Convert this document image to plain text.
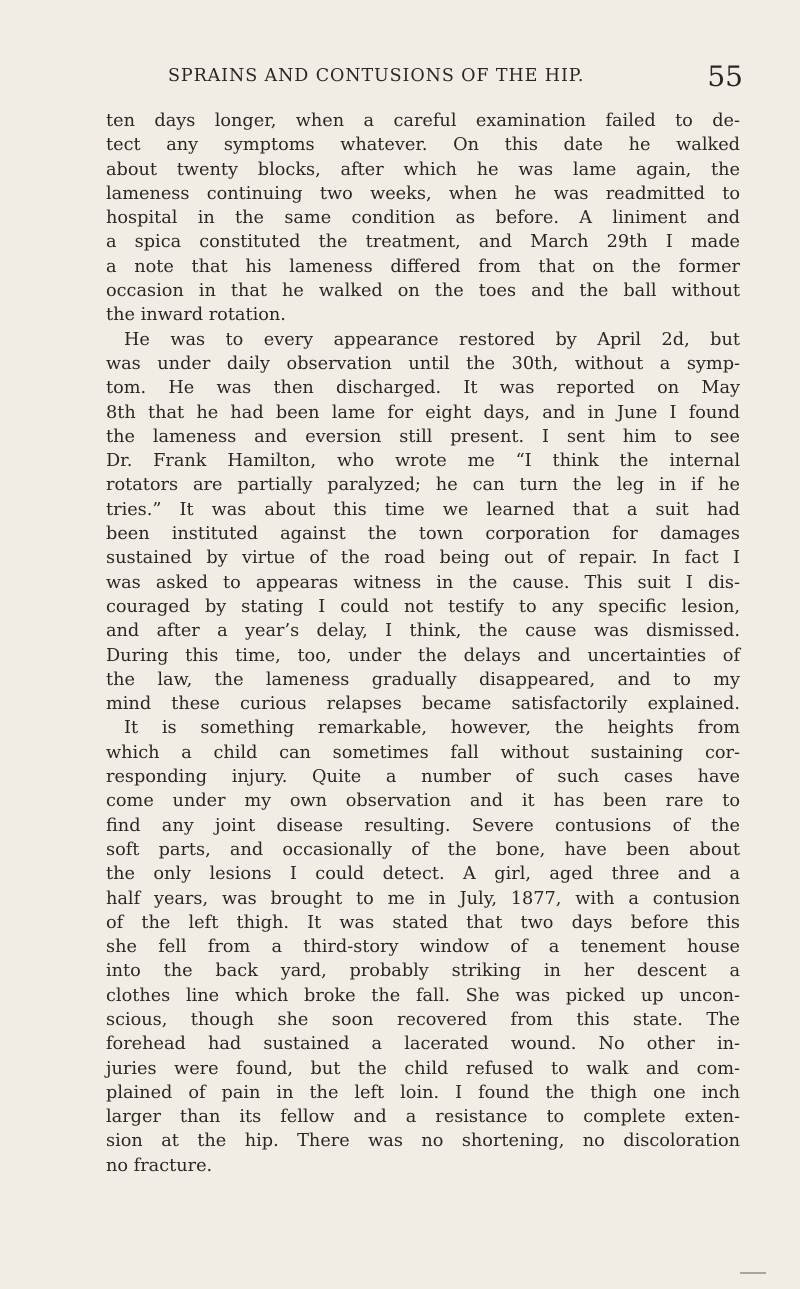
SPRAINS AND CONTUSIONS OF THE HIP.	55
ten days longer, when a careful examination failed to de-
tect any symptoms whatever. On this date he walked
about twenty blocks, after which he was lame again, the
lameness continuing two weeks, when he was readmitted to
hospital in the same condition as before. A liniment and
a spica constituted the treatment, and March 29th I made
a note that his lameness differed from that on the former
occasion in that he walked on the toes and the ball without
the inward rotation.
He was to every appearance restored by April 2d, but
was under daily observation until the 30th, without a symp-
tom. He was then discharged. It was reported on May
8th that he had been lame for eight days, and in June I found
the lameness and eversion still present. I sent him to see
Dr. Frank Hamilton, who wrote me “I think the internal
rotators are partially paralyzed; he can turn the leg in if he
tries.” It was about this time we learned that a suit had
been instituted against the town corporation for damages
sustained by virtue of the road being out of repair. In fact I
was asked to appearas witness in the cause. This suit I dis-
couraged by stating I could not testify to any specific lesion,
and after a year’s delay, I think, the cause was dismissed.
During this time, too, under the delays and uncertainties of
the law, the lameness gradually disappeared, and to my
mind these curious relapses became satisfactorily explained.
It is something remarkable, however, the heights from
which a child can sometimes fall without sustaining cor-
responding injury. Quite a number of such cases have
come under my own observation and it has been rare to
find any joint disease resulting. Severe contusions of the
soft parts, and occasionally of the bone, have been about
the only lesions I could detect. A girl, aged three and a
half years, was brought to me in July, 1877, with a contusion
of the left thigh. It was stated that two days before this
she fell from a third-story window of a tenement house
into the back yard, probably striking in her descent a
clothes line which broke the fall. She was picked up uncon-
scious, though she soon recovered from this state. The
forehead had sustained a lacerated wound. No other in-
juries were found, but the child refused to walk and com-
plained of pain in the left loin. I found the thigh one inch
larger than its fellow and a resistance to complete exten-
sion at the hip. There was no shortening, no discoloration
no fracture.
